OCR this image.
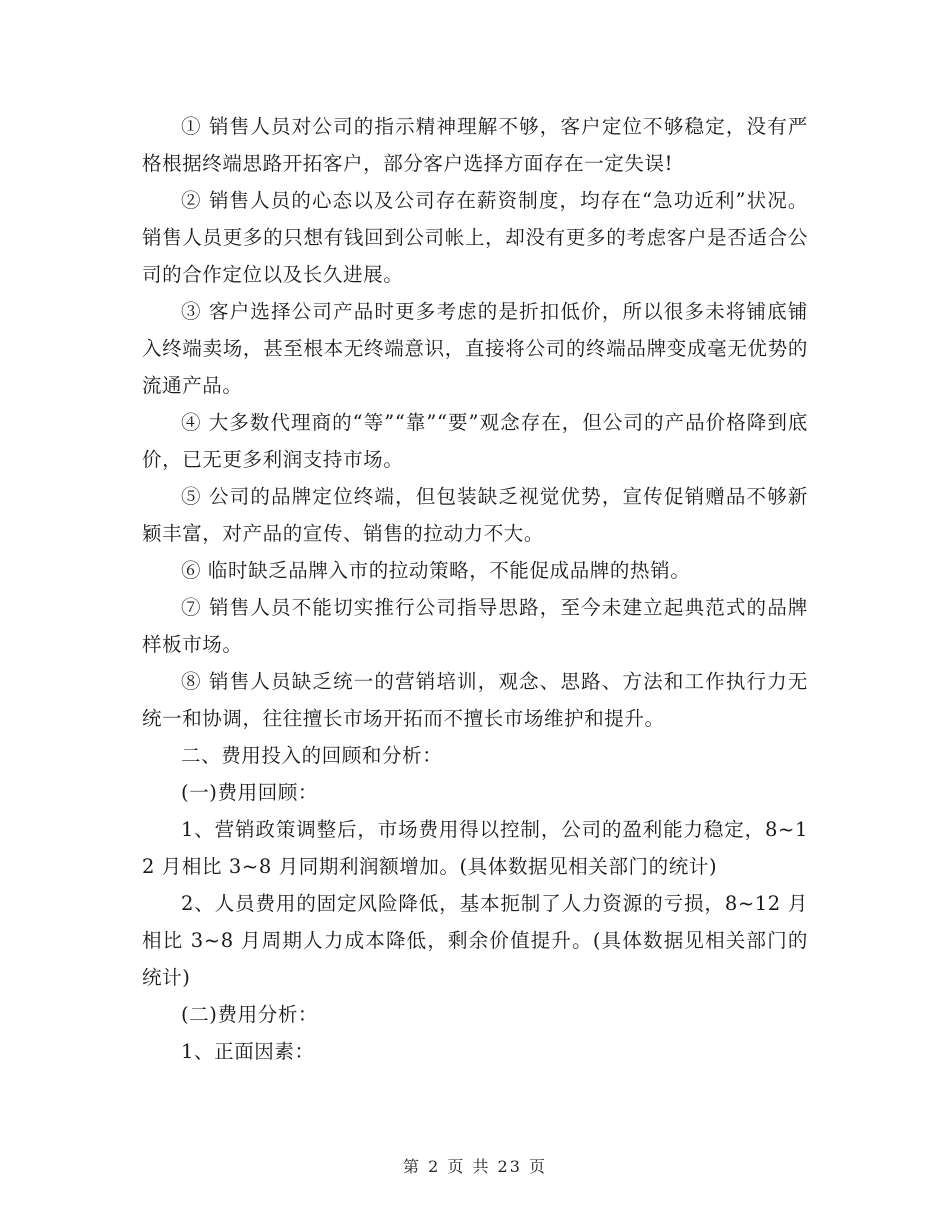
① 销售人员对公司的指示精神理解不够，客户定位不够稳定，没有严格根据终端思路开拓客户，部分客户选择方面存在一定失误!

② 销售人员的心态以及公司存在薪资制度，均存在“急功近利”状况。销售人员更多的只想有钱回到公司帐上，却没有更多的考虑客户是否适合公司的合作定位以及长久进展。

③ 客户选择公司产品时更多考虑的是折扣低价，所以很多未将铺底铺入终端卖场，甚至根本无终端意识，直接将公司的终端品牌变成毫无优势的流通产品。

④ 大多数代理商的“等”“靠”“要”观念存在，但公司的产品价格降到底价，已无更多利润支持市场。

⑤ 公司的品牌定位终端，但包装缺乏视觉优势，宣传促销赠品不够新颖丰富，对产品的宣传、销售的拉动力不大。

⑥ 临时缺乏品牌入市的拉动策略，不能促成品牌的热销。

⑦ 销售人员不能切实推行公司指导思路，至今未建立起典范式的品牌样板市场。

⑧ 销售人员缺乏统一的营销培训，观念、思路、方法和工作执行力无统一和协调，往往擅长市场开拓而不擅长市场维护和提升。

二、费用投入的回顾和分析：

(一)费用回顾：

1、营销政策调整后，市场费用得以控制，公司的盈利能力稳定，8~12 月相比 3~8 月同期利润额增加。(具体数据见相关部门的统计)

2、人员费用的固定风险降低，基本扼制了人力资源的亏损，8~12 月相比 3~8 月周期人力成本降低，剩余价值提升。(具体数据见相关部门的统计)

(二)费用分析：

1、正面因素：

第 2 页 共 23 页
